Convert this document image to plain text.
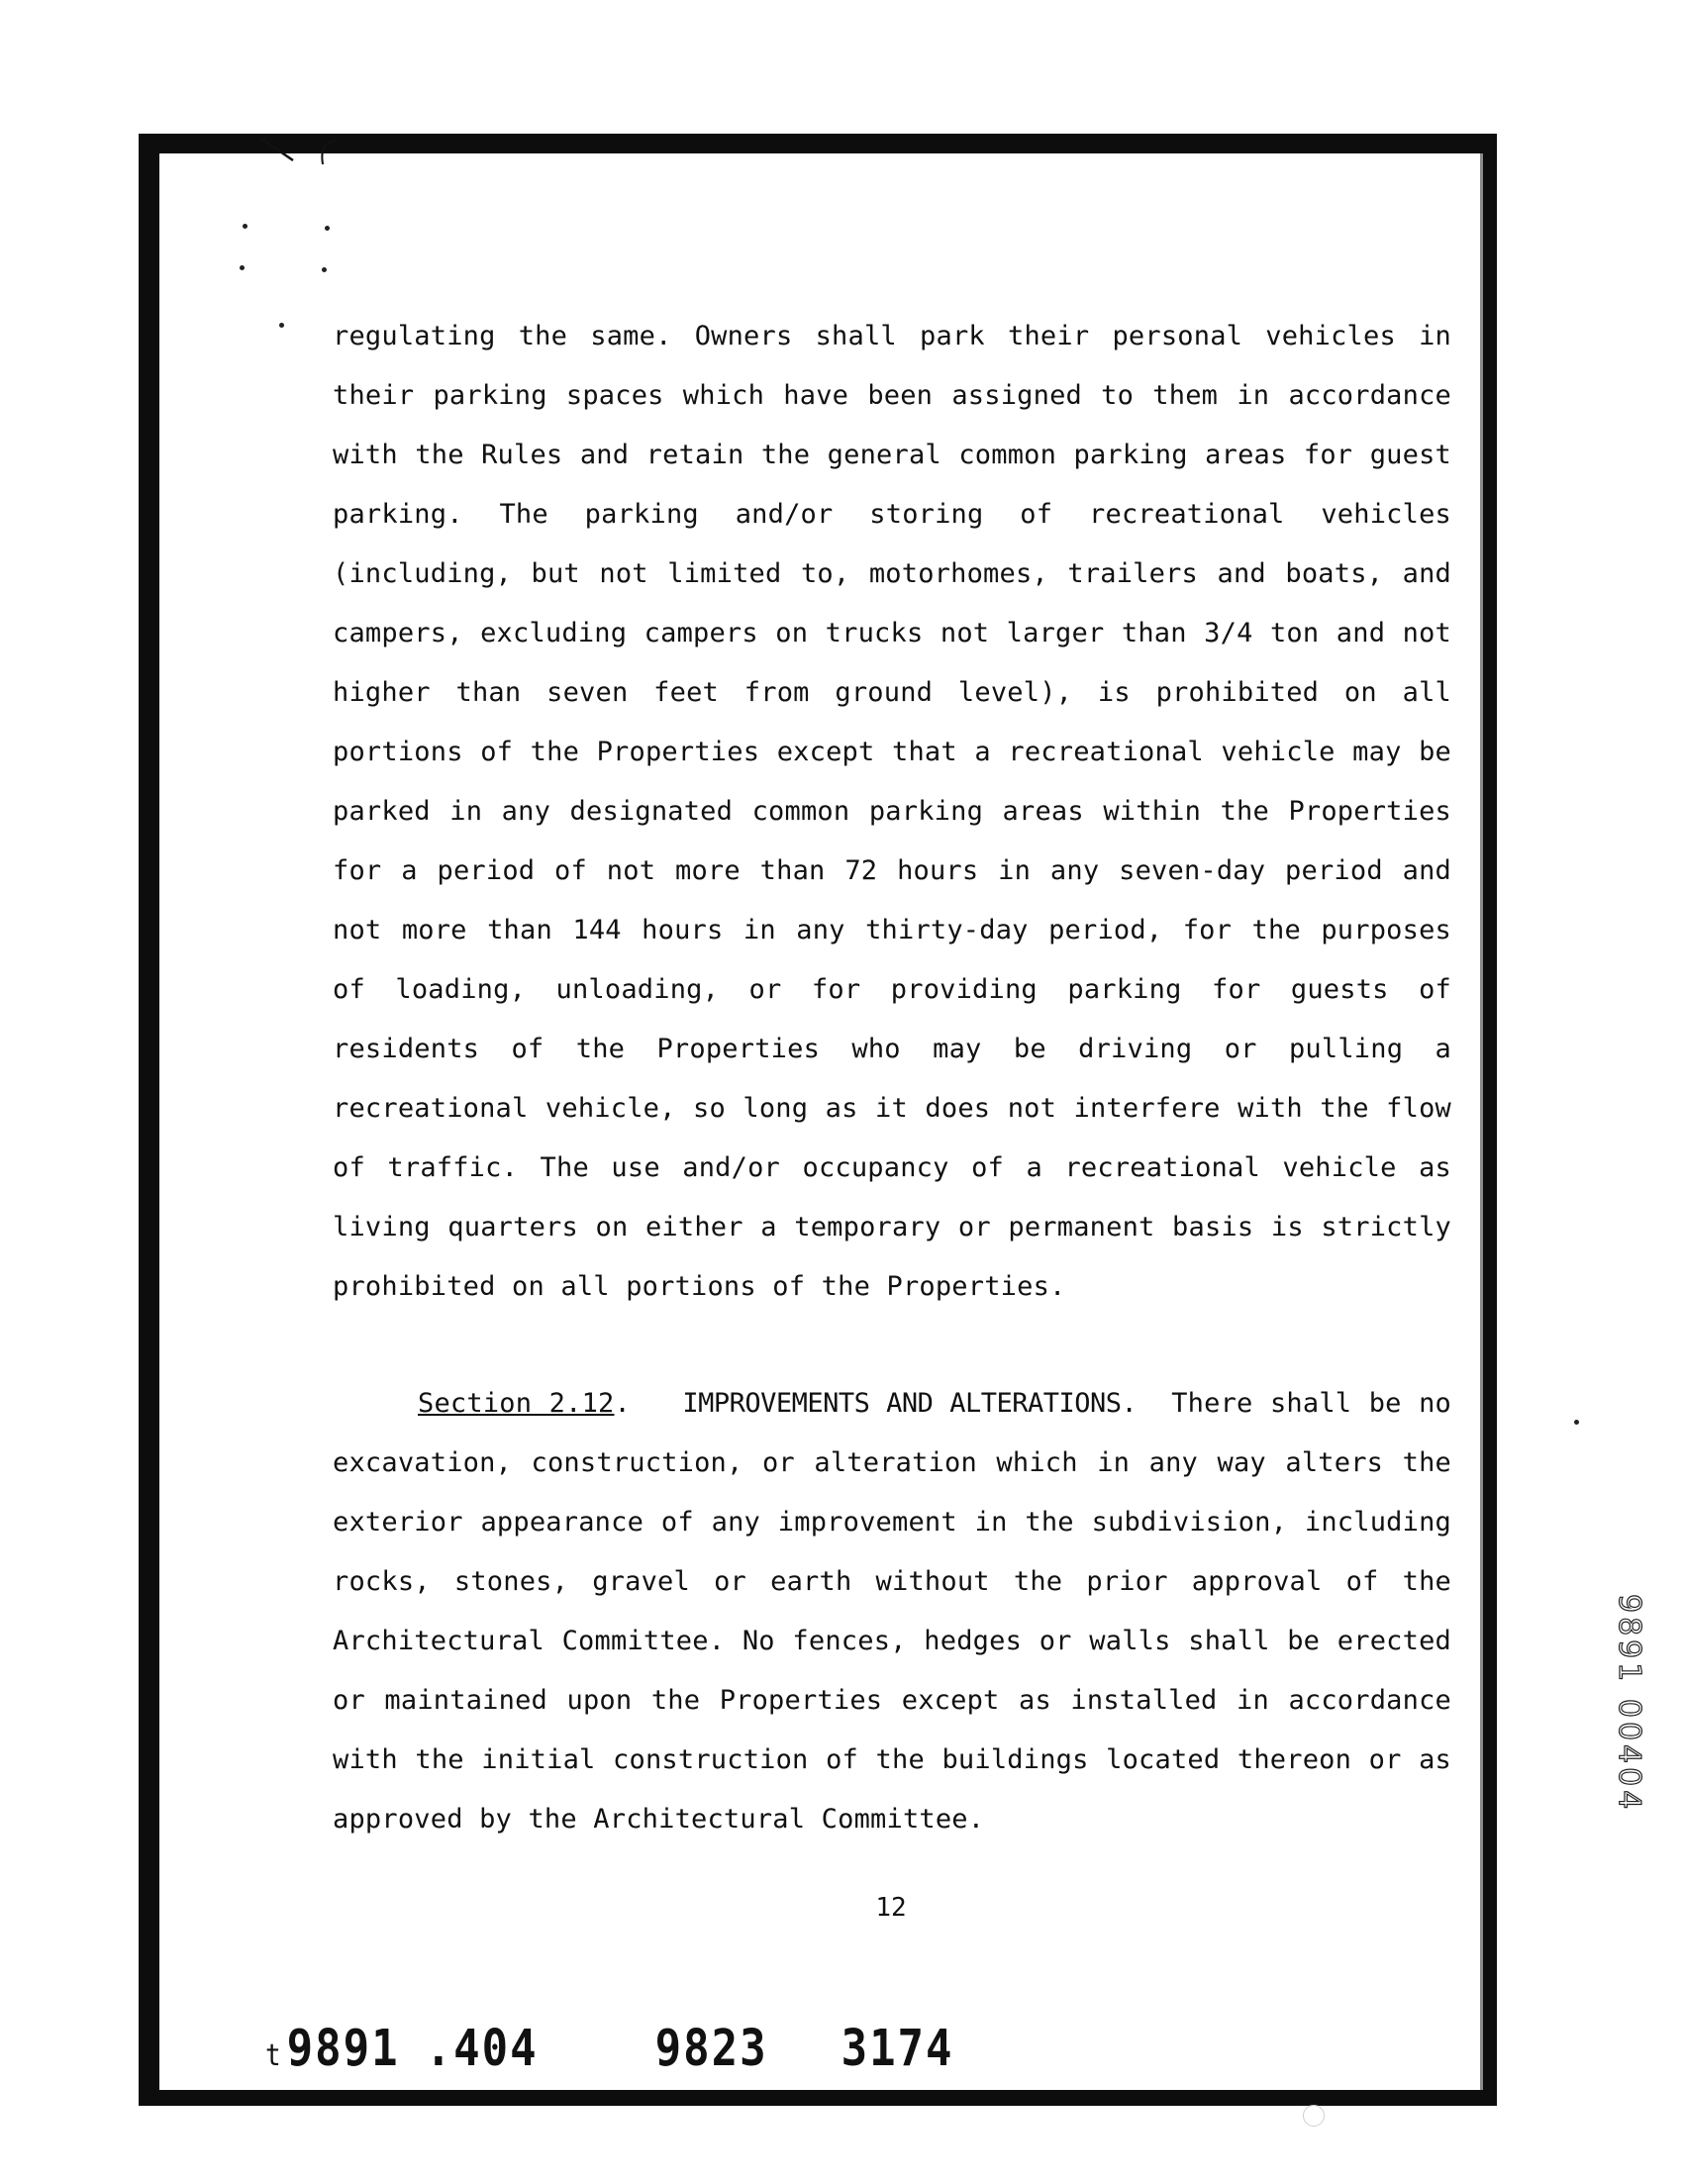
regulating the same. Owners shall park their personal vehicles in their parking spaces which have been assigned to them in accordance with the Rules and retain the general common parking areas for guest parking. The parking and/or storing of recreational vehicles (including, but not limited to, motorhomes, trailers and boats, and campers, excluding campers on trucks not larger than 3/4 ton and not higher than seven feet from ground level), is prohibited on all portions of the Properties except that a recreational vehicle may be parked in any designated common parking areas within the Properties for a period of not more than 72 hours in any seven-day period and not more than 144 hours in any thirty-day period, for the purposes of loading, unloading, or for providing parking for guests of residents of the Properties who may be driving or pulling a recreational vehicle, so long as it does not interfere with the flow of traffic. The use and/or occupancy of a recreational vehicle as living quarters on either a temporary or permanent basis is strictly prohibited on all portions of the Properties.

Section 2.12.   IMPROVEMENTS AND ALTERATIONS. There shall be no excavation, construction, or alteration which in any way alters the exterior appearance of any improvement in the subdivision, including rocks, stones, gravel or earth without the prior approval of the Architectural Committee. No fences, hedges or walls shall be erected or maintained upon the Properties except as installed in accordance with the initial construction of the buildings located thereon or as approved by the Architectural Committee.

12
9891 00404
t9891 .404	9823 3174
